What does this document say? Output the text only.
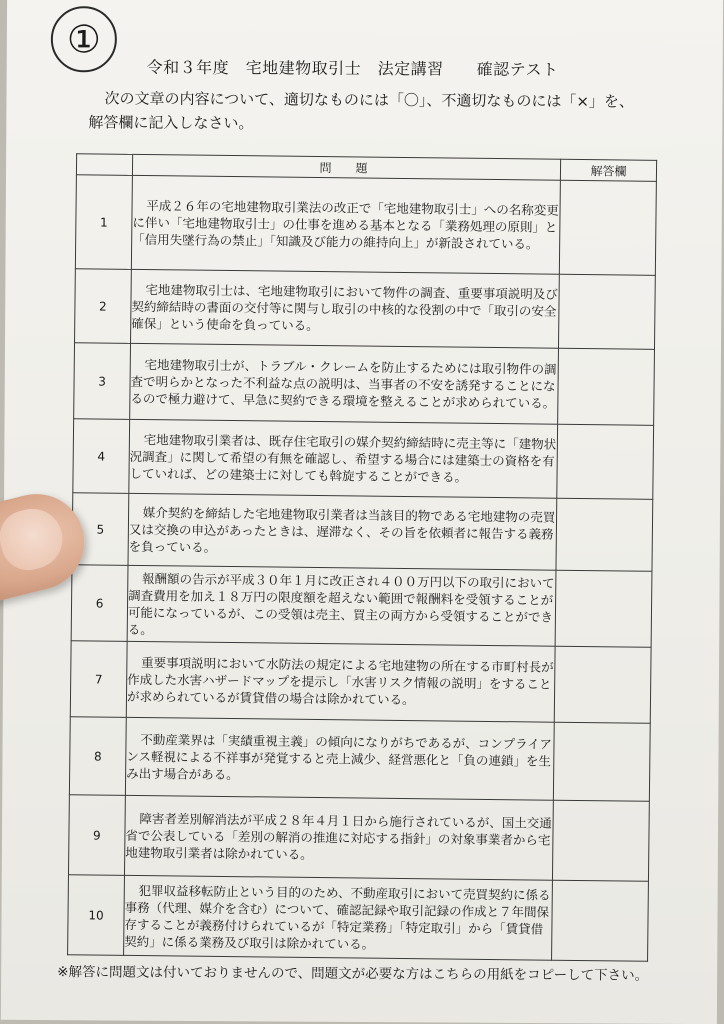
①
令和３年度　宅地建物取引士　法定講習　　確認テスト
次の文章の内容について、適切なものには「〇」、不適切なものには「×」を、
解答欄に記入しなさい。
	問　題	解答欄
1	平成２６年の宅地建物取引業法の改正で「宅地建物取引士」への名称変更に伴い「宅地建物取引士」の仕事を進める基本となる「業務処理の原則」と「信用失墜行為の禁止」「知識及び能力の維持向上」が新設されている。	

2	宅地建物取引士は、宅地建物取引において物件の調査、重要事項説明及び契約締結時の書面の交付等に関与し取引の中核的な役割の中で「取引の安全確保」という使命を負っている。	

3	宅地建物取引士が、トラブル・クレームを防止するためには取引物件の調査で明らかとなった不利益な点の説明は、当事者の不安を誘発することになるので極力避けて、早急に契約できる環境を整えることが求められている。	

4	宅地建物取引業者は、既存住宅取引の媒介契約締結時に売主等に「建物状況調査」に関して希望の有無を確認し、希望する場合には建築士の資格を有していれば、どの建築士に対しても斡旋することができる。	

5	媒介契約を締結した宅地建物取引業者は当該目的物である宅地建物の売買又は交換の申込があったときは、遅滞なく、その旨を依頼者に報告する義務を負っている。	

6	報酬額の告示が平成３０年１月に改正され４００万円以下の取引において調査費用を加え１８万円の限度額を超えない範囲で報酬料を受領することが可能になっているが、この受領は売主、買主の両方から受領することができる。	

7	重要事項説明において水防法の規定による宅地建物の所在する市町村長が作成した水害ハザードマップを提示し「水害リスク情報の説明」をすることが求められているが賃貸借の場合は除かれている。	

8	不動産業界は「実績重視主義」の傾向になりがちであるが、コンプライアンス軽視による不祥事が発覚すると売上減少、経営悪化と「負の連鎖」を生み出す場合がある。	

9	障害者差別解消法が平成２８年４月１日から施行されているが、国土交通省で公表している「差別の解消の推進に対応する指針」の対象事業者から宅地建物取引業者は除かれている。	

10	犯罪収益移転防止という目的のため、不動産取引において売買契約に係る事務（代理、媒介を含む）について、確認記録や取引記録の作成と７年間保存することが義務付けられているが「特定業務」「特定取引」から「賃貸借契約」に係る業務及び取引は除かれている。	

※解答に問題文は付いておりませんので、問題文が必要な方はこちらの用紙をコピーして下さい。
